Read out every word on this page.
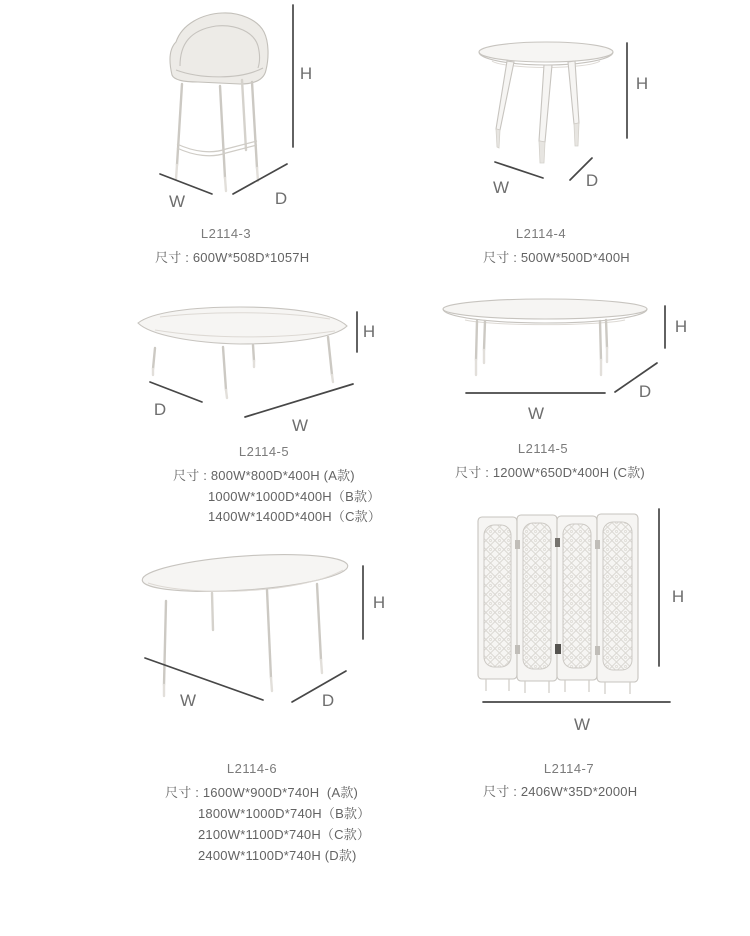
H
W	D
L2114-3
尺寸 : 600W*508D*1057H
H
W	D
L2114-4
尺寸 : 500W*500D*400H
H
D
W
L2114-5
尺寸 : 800W*800D*400H (A款)
1000W*1000D*400H（B款）
1400W*1400D*400H（C款）
H
W
D
L2114-5
尺寸 : 1200W*650D*400H (C款)
H
W	D
L2114-6
尺寸 : 1600W*900D*740H  (A款)
1800W*1000D*740H（B款）
2100W*1100D*740H（C款）
2400W*1100D*740H (D款)
H
W
L2114-7
尺寸 : 2406W*35D*2000H
